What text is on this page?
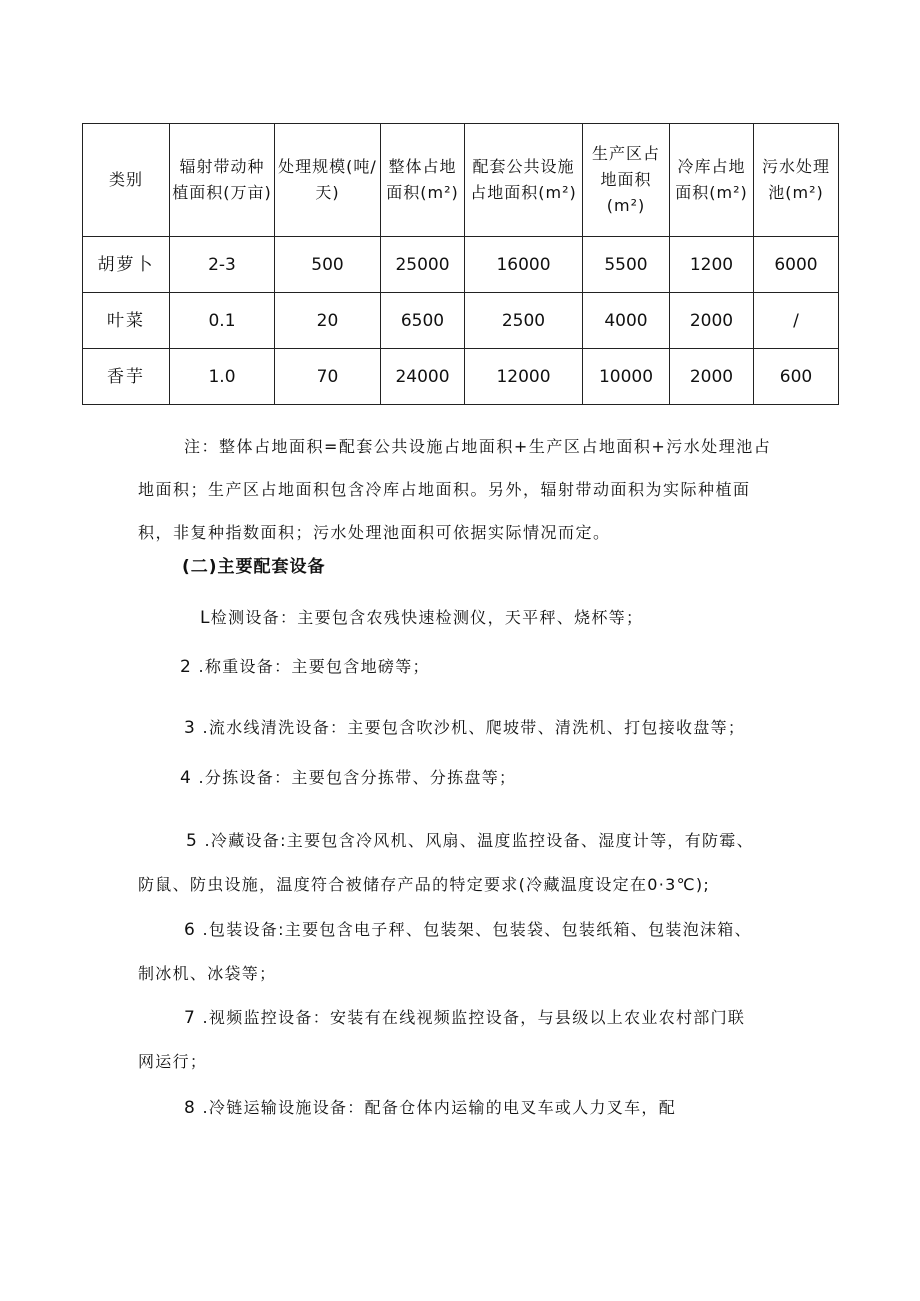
类别	辐射带动种植面积(万亩)	处理规模(吨/天)	整体占地面积(m²)	配套公共设施占地面积(m²)	生产区占地面积(m²)	冷库占地面积(m²)	污水处理池(m²)
胡萝卜	2-3	500	25000	16000	5500	1200	6000
叶菜	0.1	20	6500	2500	4000	2000	/
香芋	1.0	70	24000	12000	10000	2000	600
注：整体占地面积=配套公共设施占地面积+生产区占地面积+污水处理池占
地面积；生产区占地面积包含冷库占地面积。另外，辐射带动面积为实际种植面
积，非复种指数面积；污水处理池面积可依据实际情况而定。
(二)主要配套设备
L检测设备：主要包含农残快速检测仪，天平秤、烧杯等；
2 .称重设备：主要包含地磅等；
3 .流水线清洗设备：主要包含吹沙机、爬坡带、清洗机、打包接收盘等；
4 .分拣设备：主要包含分拣带、分拣盘等；
5 .冷藏设备:主要包含冷风机、风扇、温度监控设备、湿度计等，有防霉、
防鼠、防虫设施，温度符合被储存产品的特定要求(冷藏温度设定在0·3℃);
6 .包装设备:主要包含电子秤、包装架、包装袋、包装纸箱、包装泡沫箱、
制冰机、冰袋等；
7 .视频监控设备：安装有在线视频监控设备，与县级以上农业农村部门联
网运行；
8 .冷链运输设施设备：配备仓体内运输的电叉车或人力叉车，配
